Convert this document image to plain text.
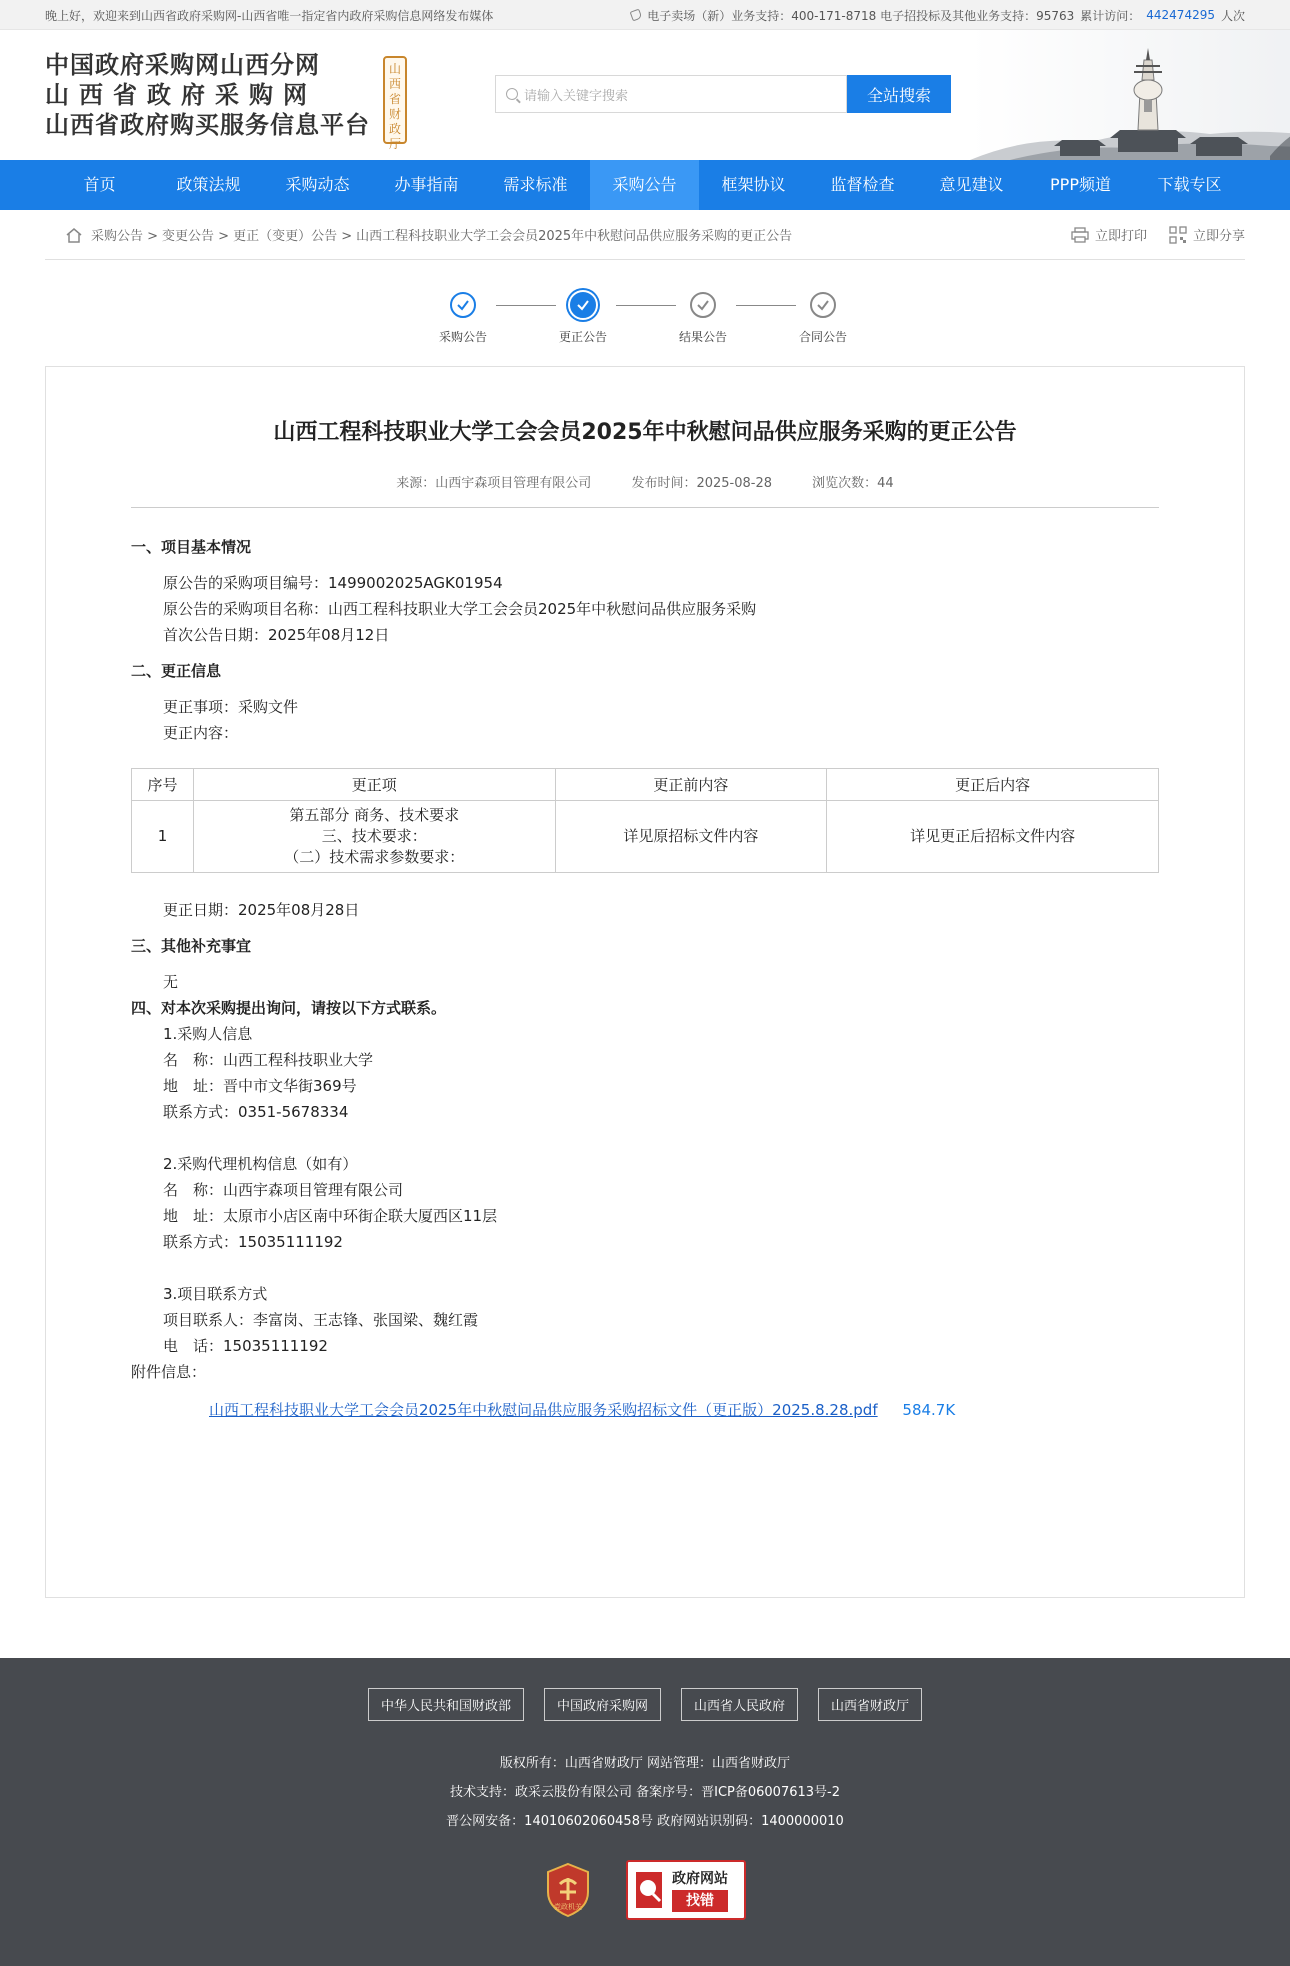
晚上好，欢迎来到山西省政府采购网-山西省唯一指定省内政府采购信息网络发布媒体	电子卖场（新）业务支持：400-171-8718 电子招投标及其他业务支持：95763 累计访问： 442474295 人次
中国政府采购网山西分网
山西省政府采购网
山西省政府购买服务信息平台
山西省财政厅
请输入关键字搜索	全站搜索
首页	政策法规	采购动态	办事指南	需求标准	采购公告	框架协议	监督检查	意见建议	PPP频道	下载专区
采购公告 > 变更公告 > 更正（变更）公告 > 山西工程科技职业大学工会会员2025年中秋慰问品供应服务采购的更正公告	立即打印	立即分享
采购公告	更正公告	结果公告	合同公告
山西工程科技职业大学工会会员2025年中秋慰问品供应服务采购的更正公告
来源：山西宇森项目管理有限公司	发布时间：2025-08-28	浏览次数：44
一、项目基本情况
原公告的采购项目编号：1499002025AGK01954
原公告的采购项目名称：山西工程科技职业大学工会会员2025年中秋慰问品供应服务采购
首次公告日期：2025年08月12日
二、更正信息
更正事项：采购文件
更正内容：
序号	更正项	更正前内容	更正后内容
1	第五部分 商务、技术要求
三、技术要求：
（二）技术需求参数要求：	详见原招标文件内容	详见更正后招标文件内容
更正日期：2025年08月28日
三、其他补充事宜
无
四、对本次采购提出询问，请按以下方式联系。
1.采购人信息
名　称：山西工程科技职业大学
地　址：晋中市文华街369号
联系方式：0351-5678334
2.采购代理机构信息（如有）
名　称：山西宇森项目管理有限公司
地　址：太原市小店区南中环街企联大厦西区11层
联系方式：15035111192
3.项目联系方式
项目联系人：李富岗、王志锋、张国梁、魏红霞
电　话：15035111192
附件信息：
山西工程科技职业大学工会会员2025年中秋慰问品供应服务采购招标文件（更正版）2025.8.28.pdf 584.7K
中华人民共和国财政部	中国政府采购网	山西省人民政府	山西省财政厅
版权所有：山西省财政厅 网站管理：山西省财政厅
技术支持：政采云股份有限公司 备案序号：晋ICP备06007613号-2
晋公网安备：14010602060458号 政府网站识别码：1400000010
党政机关
政府网站
找错
